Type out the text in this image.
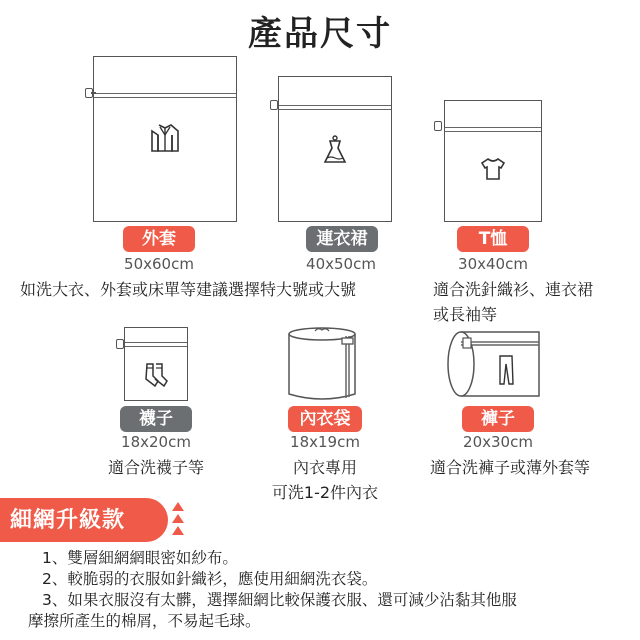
產品尺寸
外套
50x60cm
連衣裙
40x50cm
T恤
30x40cm
如洗大衣、外套或床單等建議選擇特大號或大號	適合洗針織衫、連衣裙
或長袖等
襪子
18x20cm
內衣袋
18x19cm
褲子
20x30cm
適合洗襪子等	內衣專用
可洗1-2件內衣
適合洗褲子或薄外套等
細網升級款
1、雙層細網網眼密如紗布。
2、較脆弱的衣服如針織衫，應使用細網洗衣袋。
3、如果衣服沒有太髒，選擇細網比較保護衣服、還可減少沾黏其他服
摩擦所產生的棉屑，不易起毛球。
